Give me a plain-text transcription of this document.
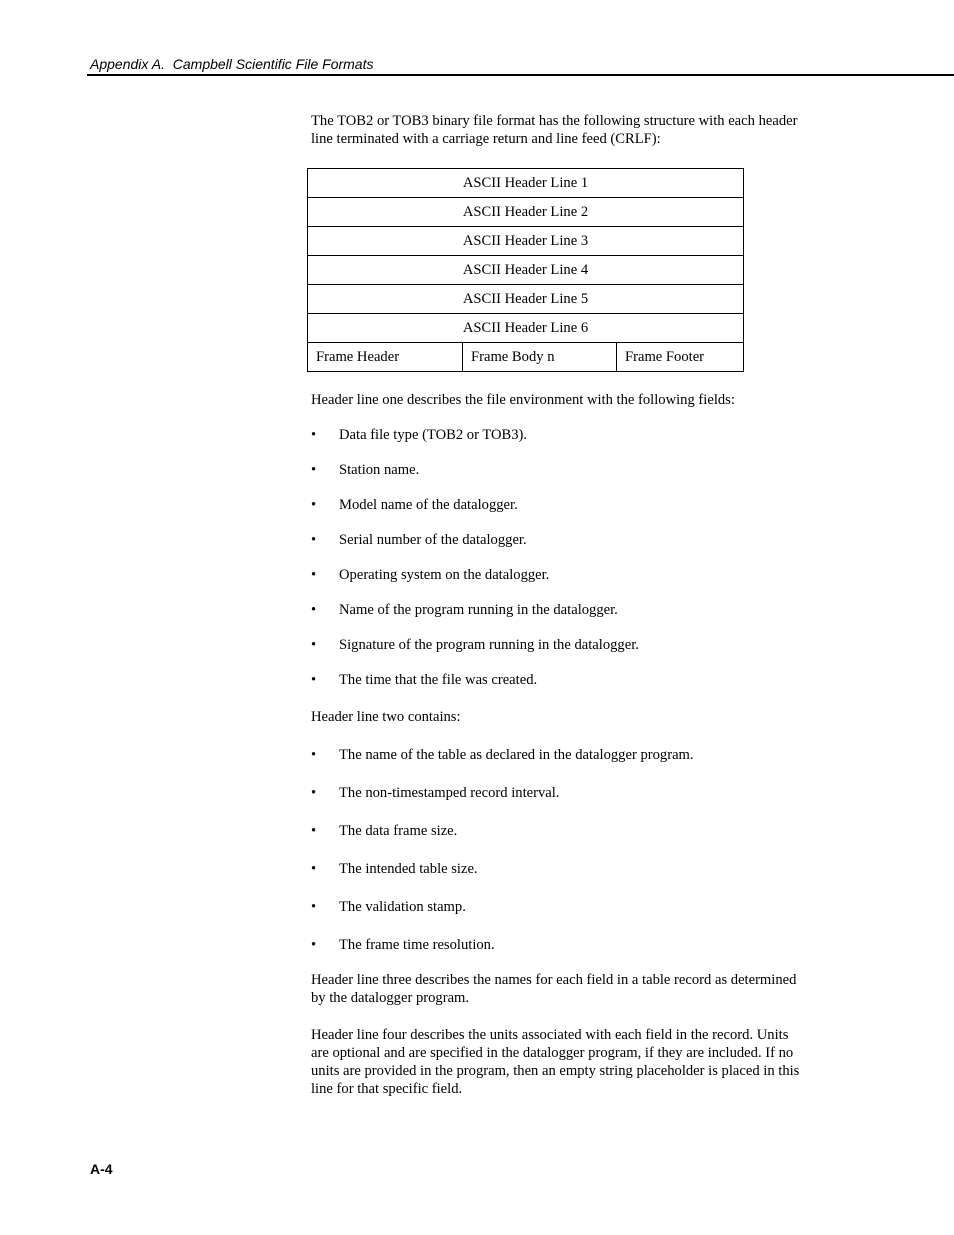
Appendix A.  Campbell Scientific File Formats

The TOB2 or TOB3 binary file format has the following structure with each header line terminated with a carriage return and line feed (CRLF):

ASCII Header Line 1
ASCII Header Line 2
ASCII Header Line 3
ASCII Header Line 4
ASCII Header Line 5
ASCII Header Line 6
Frame Header	Frame Body n	Frame Footer

Header line one describes the file environment with the following fields:

• Data file type (TOB2 or TOB3).
• Station name.
• Model name of the datalogger.
• Serial number of the datalogger.
• Operating system on the datalogger.
• Name of the program running in the datalogger.
• Signature of the program running in the datalogger.
• The time that the file was created.

Header line two contains:

• The name of the table as declared in the datalogger program.
• The non-timestamped record interval.
• The data frame size.
• The intended table size.
• The validation stamp.
• The frame time resolution.

Header line three describes the names for each field in a table record as determined by the datalogger program.

Header line four describes the units associated with each field in the record. Units are optional and are specified in the datalogger program, if they are included. If no units are provided in the program, then an empty string placeholder is placed in this line for that specific field.

A-4
